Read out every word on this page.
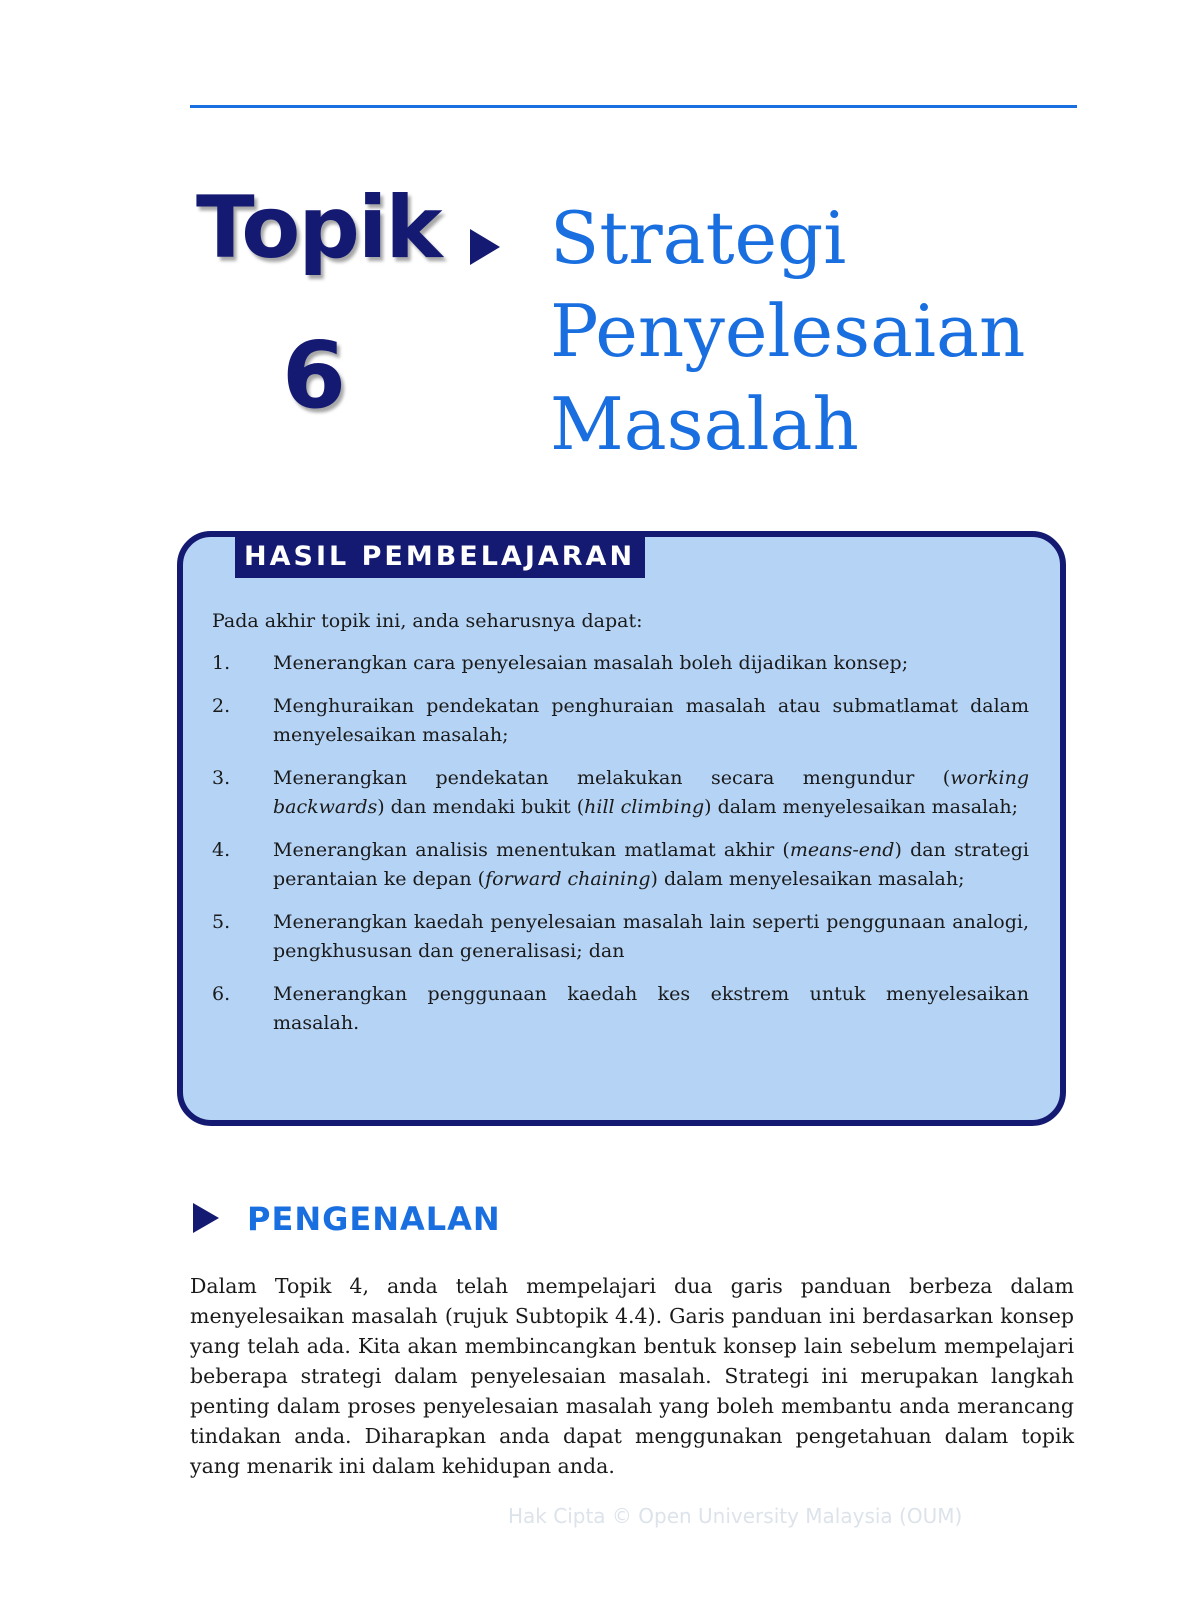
Topik
6
Strategi
Penyelesaian
Masalah
HASIL PEMBELAJARAN

Pada akhir topik ini, anda seharusnya dapat:

1.	Menerangkan cara penyelesaian masalah boleh dijadikan konsep;
2.	Menghuraikan pendekatan penghuraian masalah atau submatlamat dalam menyelesaikan masalah;
3.	Menerangkan pendekatan melakukan secara mengundur (working backwards) dan mendaki bukit (hill climbing) dalam menyelesaikan masalah;
4.	Menerangkan analisis menentukan matlamat akhir (means-end) dan strategi perantaian ke depan (forward chaining) dalam menyelesaikan masalah;
5.	Menerangkan kaedah penyelesaian masalah lain seperti penggunaan analogi, pengkhususan dan generalisasi; dan
6.	Menerangkan penggunaan kaedah kes ekstrem untuk menyelesaikan masalah.
PENGENALAN

Dalam Topik 4, anda telah mempelajari dua garis panduan berbeza dalam menyelesaikan masalah (rujuk Subtopik 4.4). Garis panduan ini berdasarkan konsep yang telah ada. Kita akan membincangkan bentuk konsep lain sebelum mempelajari beberapa strategi dalam penyelesaian masalah. Strategi ini merupakan langkah penting dalam proses penyelesaian masalah yang boleh membantu anda merancang tindakan anda. Diharapkan anda dapat menggunakan pengetahuan dalam topik yang menarik ini dalam kehidupan anda.

Hak Cipta © Open University Malaysia (OUM)
